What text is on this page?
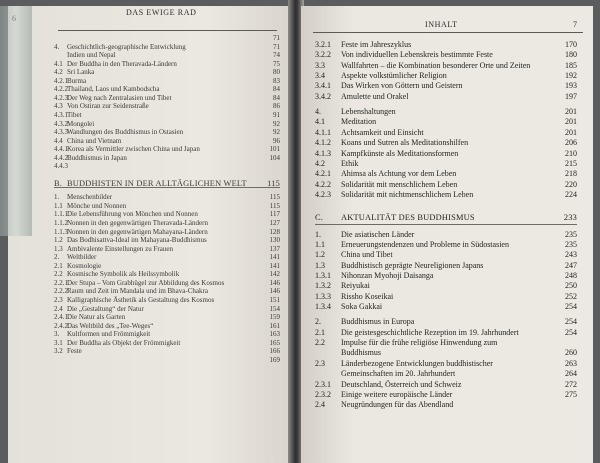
DAS EWIGE RAD
71
4.	Geschichtlich-geographische Entwicklung	71
Indien und Nepal	74
4.1 Der Buddha in den Theravada-Ländern	75
4.2 Sri Lanka	80
4.2.1 Burma	83
4.2.2 Thailand, Laos und Kambodscha	84
4.2.3 Der Weg nach Zentralasien und Tibet	84
4.3 Von Ostiran zur Seidenstraße	86
4.3.1 Tibet	91
4.3.2 Mongolei	92
4.3.3 Wandlungen des Buddhismus in Ostasien	92
4.4 China und Vietnam	96
4.4.1 Korea als Vermittler zwischen China und Japan	101
4.4.2 Buddhismus in Japan	104
4.4.3
B. BUDDHISTEN IN DER ALLTÄGLICHEN WELT	115
1.	Menschenbilder	115
1.1 Mönche und Nonnen	115
1.1.1 Die Lebensführung von Mönchen und Nonnen	117
1.1.2 Nonnen in den gegenwärtigen Theravada-Ländern	127
1.1.3 Nonnen in den gegenwärtigen Mahayana-Ländern	128
1.2 Das Bodhisattva-Ideal im Mahayana-Buddhismus	130
1.3 Ambivalente Einstellungen zu Frauen	137
2.	Weltbilder	141
2.1 Kosmologie	141
2.2 Kosmische Symbolik als Heilssymbolik	142
2.2.1 Der Stupa – Vom Grabhügel zur Abbildung des Kosmos	146
2.2.2 Raum und Zeit im Mandala und im Bhava-Chakra	146
2.3 Kalligraphische Ästhetik als Gestaltung des Kosmos	151
2.4 Die „Gestaltung“ der Natur	154
2.4.1 Die Natur als Garten	159
2.4.2 Das Weltbild des „Tee-Weges“	161
3.	Kultformen und Frömmigkeit	163
3.1 Der Buddha als Objekt der Frömmigkeit	165
3.2 Feste	166
169
INHALT	7
3.2.1	Feste im Jahreszyklus	170
3.2.2	Von individuellen Lebenskreis bestimmte Feste	180
3.3	Wallfahrten – die Kombination besonderer Orte und Zeiten	185
3.4	Aspekte volkstümlicher Religion	192
3.4.1	Das Wirken von Göttern und Geistern	193
3.4.2	Amulette und Orakel	197
4.	Lebenshaltungen	201
4.1	Meditation	201
4.1.1	Achtsamkeit und Einsicht	201
4.1.2	Koans und Sutren als Meditationshilfen	206
4.1.3	Kampfkünste als Meditationsformen	210
4.2	Ethik	215
4.2.1	Ahimsa als Achtung vor dem Leben	218
4.2.2	Solidarität mit menschlichem Leben	220
4.2.3	Solidarität mit nichtmenschlichem Leben	224
C.	AKTUALITÄT DES BUDDHISMUS	233
1.	Die asiatischen Länder	235
1.1	Erneuerungstendenzen und Probleme in Südostasien	235
1.2	China und Tibet	243
1.3	Buddhistisch geprägte Neureligionen Japans	247
1.3.1	Nihonzan Myohoji Daisanga	248
1.3.2	Reiyukai	250
1.3.3	Rissho Koseikai	252
1.3.4	Soka Gakkai	254
2.	Buddhismus in Europa	254
2.1	Die geistesgeschichtliche Rezeption im 19. Jahrhundert	254
2.2	Impulse für die frühe religiöse Hinwendung zum
Buddhismus	260
2.3	Länderbezogene Entwicklungen buddhistischer	263
Gemeinschaften im 20. Jahrhundert	264
2.3.1	Deutschland, Österreich und Schweiz	272
2.3.2	Einige weitere europäische Länder	275
2.4	Neugründungen für das Abendland
